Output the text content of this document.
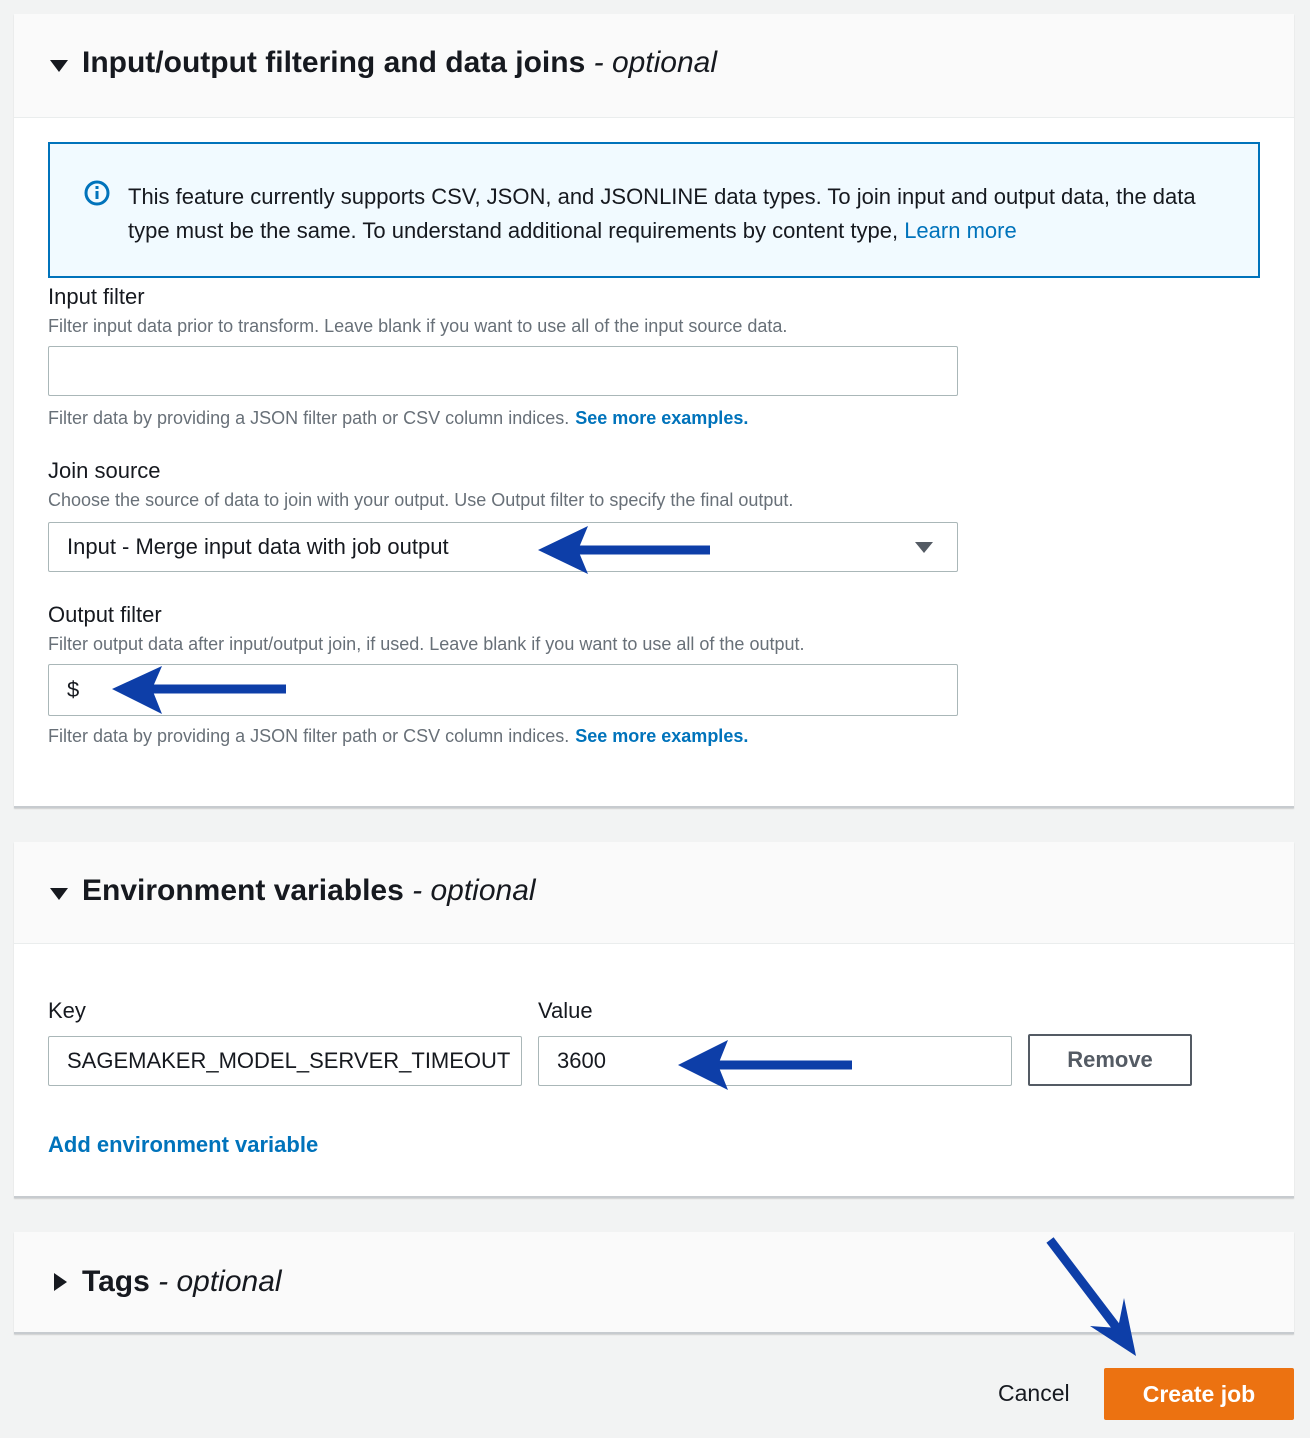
Input/output filtering and data joins - optional
This feature currently supports CSV, JSON, and JSONLINE data types. To join input and output data, the data type must be the same. To understand additional requirements by content type, Learn more
Input filter
Filter input data prior to transform. Leave blank if you want to use all of the input source data.
Filter data by providing a JSON filter path or CSV column indices. See more examples.
Join source
Choose the source of data to join with your output. Use Output filter to specify the final output.
Input - Merge input data with job output
Output filter
Filter output data after input/output join, if used. Leave blank if you want to use all of the output.
$
Filter data by providing a JSON filter path or CSV column indices. See more examples.
Environment variables - optional
Key	Value
SAGEMAKER_MODEL_SERVER_TIMEOUT	3600	Remove
Add environment variable
Tags - optional
Cancel	Create job
